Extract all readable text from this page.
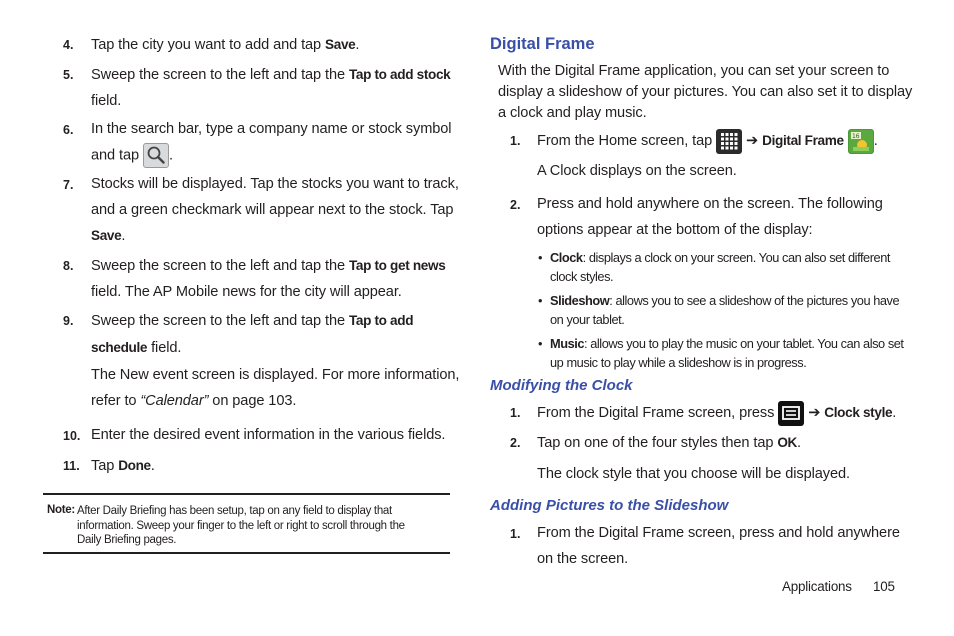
4. Tap the city you want to add and tap Save.
5. Sweep the screen to the left and tap the Tap to add stock
field.
6. In the search bar, type a company name or stock symbol
and tap .
7. Stocks will be displayed. Tap the stocks you want to track,
and a green checkmark will appear next to the stock. Tap
Save.
8. Sweep the screen to the left and tap the Tap to get news
field. The AP Mobile news for the city will appear.
9. Sweep the screen to the left and tap the Tap to add
schedule field.
The New event screen is displayed. For more information,
refer to “Calendar” on page 103.
10. Enter the desired event information in the various fields.
11. Tap Done.
Note: After Daily Briefing has been setup, tap on any field to display that
information. Sweep your finger to the left or right to scroll through the
Daily Briefing pages.
Digital Frame
With the Digital Frame application, you can set your screen to
display a slideshow of your pictures. You can also set it to display
a clock and play music.
1. From the Home screen, tap  ➔ Digital Frame 16 .
A Clock displays on the screen.
2. Press and hold anywhere on the screen. The following
options appear at the bottom of the display:
• Clock: displays a clock on your screen. You can also set different
clock styles.
• Slideshow: allows you to see a slideshow of the pictures you have
on your tablet.
• Music: allows you to play the music on your tablet. You can also set
up music to play while a slideshow is in progress.
Modifying the Clock
1. From the Digital Frame screen, press  ➔ Clock style.
2. Tap on one of the four styles then tap OK.
The clock style that you choose will be displayed.
Adding Pictures to the Slideshow
1. From the Digital Frame screen, press and hold anywhere
on the screen.
Applications 105
